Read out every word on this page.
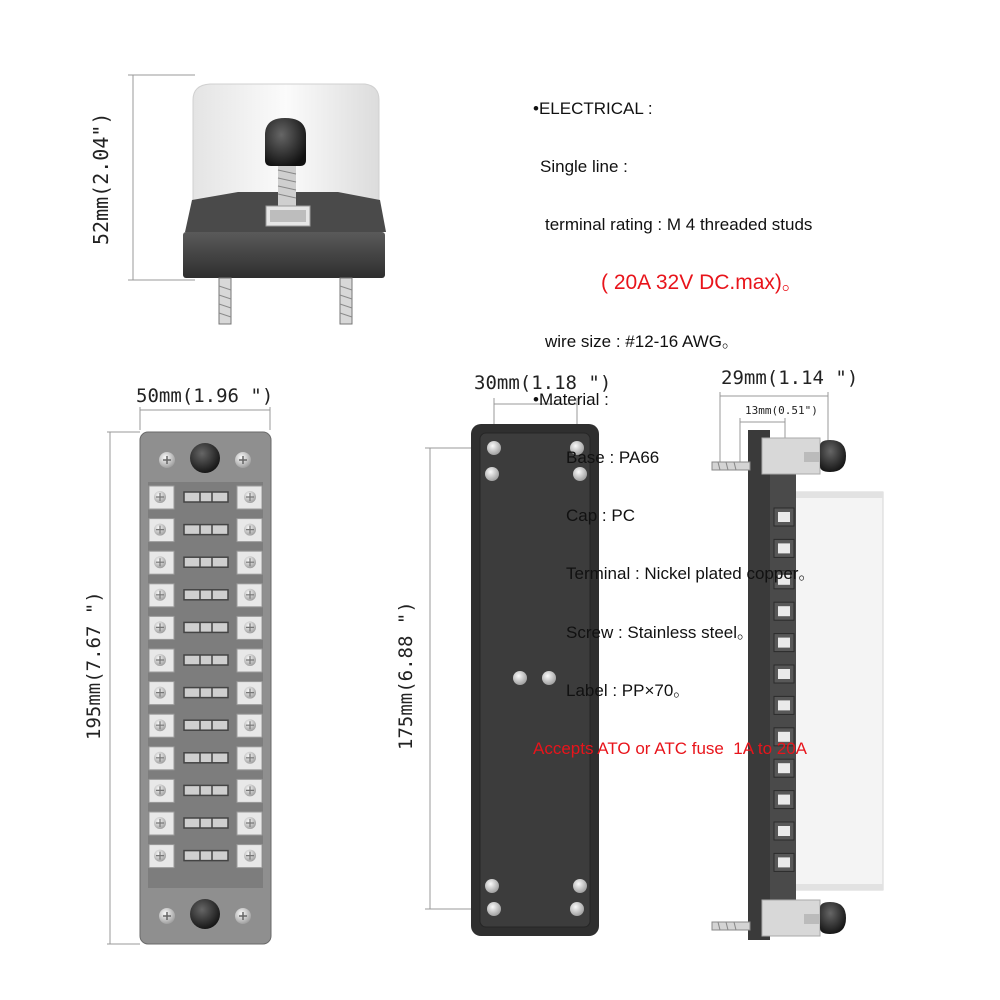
52mm(2.04")
50mm(1.96 ")
195mm(7.67 ")
30mm(1.18 ")
175mm(6.88 ")
29mm(1.14 ")
13mm(0.51")

•ELECTRICAL :

Single line :

terminal rating : M 4 threaded studs

( 20A 32V DC.max)。

wire size : #12-16 AWG。

•Material :

Base : PA66

Cap : PC

Terminal : Nickel plated copper。

Screw : Stainless steel。

Label : PP×70。

Accepts ATO or ATC fuse  1A to 20A
